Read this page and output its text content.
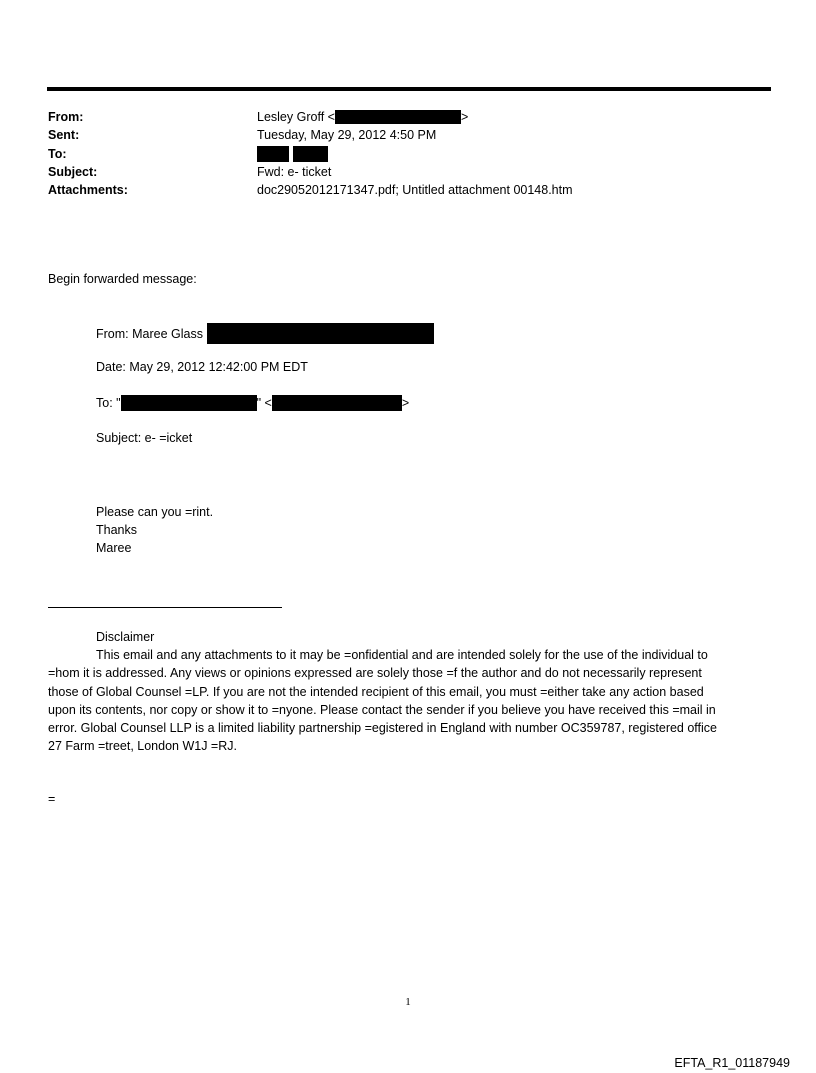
From:	Lesley Groff <	>
Sent:	Tuesday, May 29, 2012 4:50 PM
To:
Subject:	Fwd: e- ticket
Attachments:	doc29052012171347.pdf; Untitled attachment 00148.htm
Begin forwarded message:
From: Maree Glass
Date: May 29, 2012 12:42:00 PM EDT
To: "	" <	>
Subject: e- =icket
Please can you =rint.
Thanks
Maree
Disclaimer
This email and any attachments to it may be =onfidential and are intended solely for the use of the individual to
=hom it is addressed. Any views or opinions expressed are solely those =f the author and do not necessarily represent
those of Global Counsel =LP. If you are not the intended recipient of this email, you must =either take any action based
upon its contents, nor copy or show it to =nyone. Please contact the sender if you believe you have received this =mail in
error. Global Counsel LLP is a limited liability partnership =egistered in England with number OC359787, registered office
27 Farm =treet, London W1J =RJ.
=
1
EFTA_R1_01187949
